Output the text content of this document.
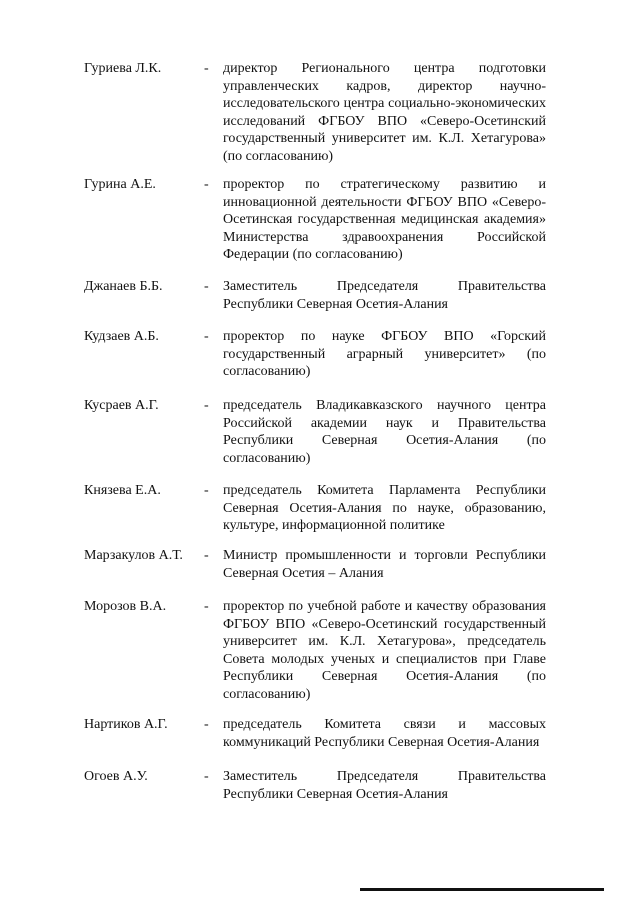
Гуриева Л.К.	- директор Регионального центра подготовки управленческих кадров, директор научно-исследовательского центра социально-экономических исследований ФГБОУ ВПО «Северо-Осетинский государственный университет им. К.Л. Хетагурова» (по согласованию)
Гурина А.Е.	- проректор по стратегическому развитию и инновационной деятельности ФГБОУ ВПО «Северо-Осетинская государственная медицинская академия» Министерства здравоохранения Российской Федерации (по согласованию)
Джанаев Б.Б.	- Заместитель Председателя Правительства Республики Северная Осетия-Алания
Кудзаев А.Б.	- проректор по науке ФГБОУ ВПО «Горский государственный аграрный университет» (по согласованию)
Кусраев А.Г.	- председатель Владикавказского научного центра Российской академии наук и Правительства Республики Северная Осетия-Алания (по согласованию)
Князева Е.А.	- председатель Комитета Парламента Республики Северная Осетия-Алания по науке, образованию, культуре, информационной политике
Марзакулов А.Т. - Министр промышленности и торговли Республики Северная Осетия – Алания
Морозов В.А.	- проректор по учебной работе и качеству образования ФГБОУ ВПО «Северо-Осетинский государственный университет им. К.Л. Хетагурова», председатель Совета молодых ученых и специалистов при Главе Республики Северная Осетия-Алания (по согласованию)
Нартиков А.Г.	- председатель Комитета связи и массовых коммуникаций Республики Северная Осетия-Алания
Огоев А.У.	- Заместитель Председателя Правительства Республики Северная Осетия-Алания
